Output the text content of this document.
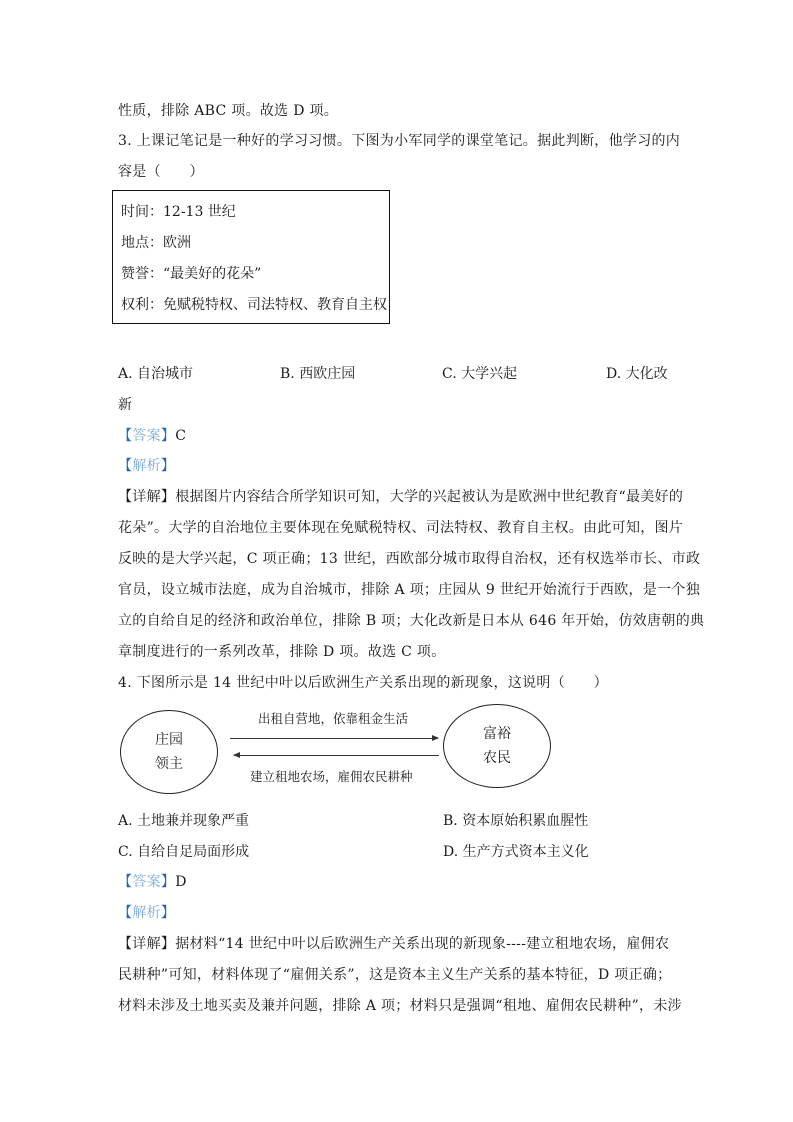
性质，排除 ABC 项。故选 D 项。
3. 上课记笔记是一种好的学习习惯。下图为小军同学的课堂笔记。据此判断，他学习的内
容是（　　）
时间：12-13 世纪
地点：欧洲
赞誉：“最美好的花朵”
权利：免赋税特权、司法特权、教育自主权
A. 自治城市	B. 西欧庄园	C. 大学兴起	D. 大化改
新
【答案】C
【解析】
【详解】根据图片内容结合所学知识可知，大学的兴起被认为是欧洲中世纪教育“最美好的
花朵”。大学的自治地位主要体现在免赋税特权、司法特权、教育自主权。由此可知，图片
反映的是大学兴起，C 项正确；13 世纪，西欧部分城市取得自治权，还有权选举市长、市政
官员，设立城市法庭，成为自治城市，排除 A 项；庄园从 9 世纪开始流行于西欧，是一个独
立的自给自足的经济和政治单位，排除 B 项；大化改新是日本从 646 年开始，仿效唐朝的典
章制度进行的一系列改革，排除 D 项。故选 C 项。
4. 下图所示是 14 世纪中叶以后欧洲生产关系出现的新现象，这说明（　　）
庄园
领主
富裕
农民
出租自营地，依靠租金生活
建立租地农场，雇佣农民耕种
A. 土地兼并现象严重	B. 资本原始积累血腥性
C. 自给自足局面形成	D. 生产方式资本主义化
【答案】D
【解析】
【详解】据材料“14 世纪中叶以后欧洲生产关系出现的新现象----建立租地农场，雇佣农
民耕种”可知，材料体现了“雇佣关系”，这是资本主义生产关系的基本特征，D 项正确；
材料未涉及土地买卖及兼并问题，排除 A 项；材料只是强调“租地、雇佣农民耕种”，未涉
